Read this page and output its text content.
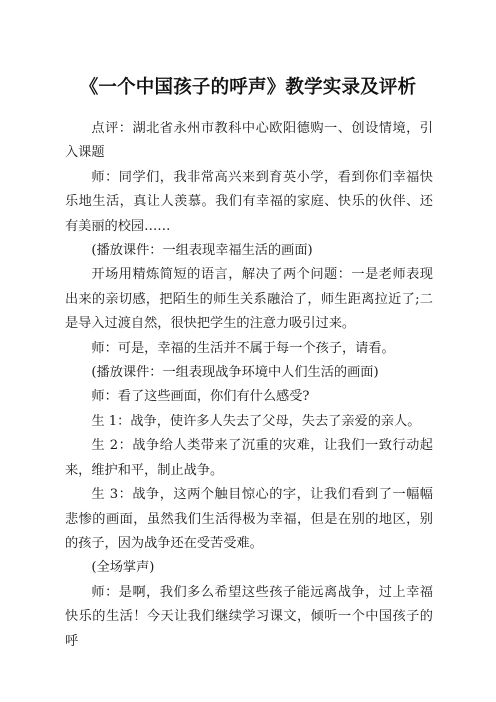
《一个中国孩子的呼声》教学实录及评析

点评：湖北省永州市教科中心欧阳德购一、创设情境，引入课题

师：同学们，我非常高兴来到育英小学，看到你们幸福快乐地生活，真让人羡慕。我们有幸福的家庭、快乐的伙伴、还有美丽的校园……

(播放课件：一组表现幸福生活的画面)

开场用精炼简短的语言，解决了两个问题：一是老师表现出来的亲切感，把陌生的师生关系融洽了，师生距离拉近了;二是导入过渡自然，很快把学生的注意力吸引过来。

师：可是，幸福的生活并不属于每一个孩子，请看。

(播放课件：一组表现战争环境中人们生活的画面)

师：看了这些画面，你们有什么感受?

生 1：战争，使许多人失去了父母，失去了亲爱的亲人。

生 2：战争给人类带来了沉重的灾难，让我们一致行动起来，维护和平，制止战争。

生 3：战争，这两个触目惊心的字，让我们看到了一幅幅悲惨的画面，虽然我们生活得极为幸福，但是在别的地区，别的孩子，因为战争还在受苦受难。

(全场掌声)

师：是啊，我们多么希望这些孩子能远离战争，过上幸福快乐的生活！今天让我们继续学习课文，倾听一个中国孩子的呼
